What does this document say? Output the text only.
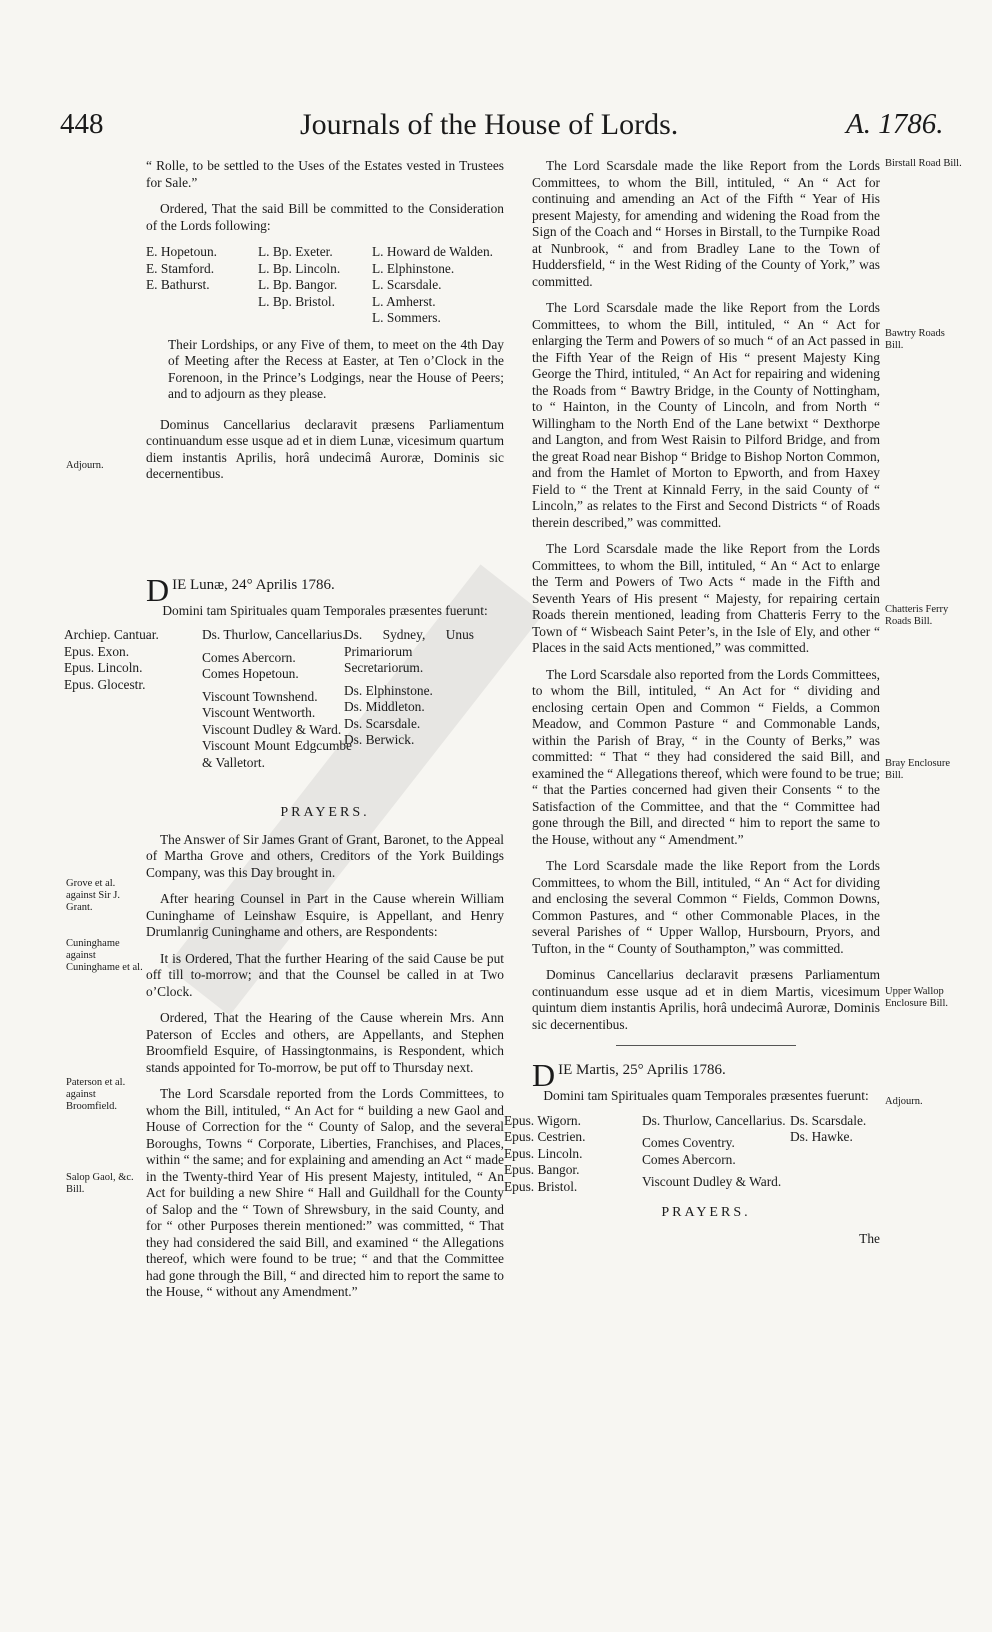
448	Journals of the House of Lords.	A. 1786.

“ Rolle, to be settled to the Uses of the Estates vested in Trustees for Sale.”

Ordered, That the said Bill be committed to the Consideration of the Lords following:

E. Hopetoun.
E. Stamford.
E. Bathurst.
L. Bp. Exeter.
L. Bp. Lincoln.
L. Bp. Bangor.
L. Bp. Bristol.
L. Howard de Walden.
L. Elphinstone.
L. Scarsdale.
L. Amherst.
L. Sommers.

Their Lordships, or any Five of them, to meet on the 4th Day of Meeting after the Recess at Easter, at Ten o’Clock in the Forenoon, in the Prince’s Lodgings, near the House of Peers; and to adjourn as they please.

Dominus Cancellarius declaravit præsens Parliamentum continuandum esse usque ad et in diem Lunæ, vicesimum quartum diem instantis Aprilis, horâ undecimâ Auroræ, Dominis sic decernentibus.

D IE Lunæ, 24° Aprilis 1786.
Domini tam Spirituales quam Temporales præsentes fuerunt:
Archiep. Cantuar.
Epus. Exon.
Epus. Lincoln.
Epus. Glocestr.
Ds. Thurlow, Cancellarius.
Comes Abercorn.
Comes Hopetoun.
Viscount Townshend.
Viscount Wentworth.
Viscount Dudley & Ward.
Viscount Mount Edgcumbe & Valletort.
Ds. Sydney, Unus Primariorum Secretariorum.
Ds. Elphinstone.
Ds. Middleton.
Ds. Scarsdale.
Ds. Berwick.
PRAYERS.

The Answer of Sir James Grant of Grant, Baronet, to the Appeal of Martha Grove and others, Creditors of the York Buildings Company, was this Day brought in.

After hearing Counsel in Part in the Cause wherein William Cuninghame of Leinshaw Esquire, is Appellant, and Henry Drumlanrig Cuninghame and others, are Respondents:

It is Ordered, That the further Hearing of the said Cause be put off till to-morrow; and that the Counsel be called in at Two o’Clock.

Ordered, That the Hearing of the Cause wherein Mrs. Ann Paterson of Eccles and others, are Appellants, and Stephen Broomfield Esquire, of Hassingtonmains, is Respondent, which stands appointed for To-morrow, be put off to Thursday next.

The Lord Scarsdale reported from the Lords Committees, to whom the Bill, intituled, “ An Act for “ building a new Gaol and House of Correction for the “ County of Salop, and the several Boroughs, Towns “ Corporate, Liberties, Franchises, and Places, within “ the same; and for explaining and amending an Act “ made in the Twenty-third Year of His present Majesty, intituled, “ An Act for building a new Shire “ Hall and Guildhall for the County of Salop and the “ Town of Shrewsbury, in the said County, and for “ other Purposes therein mentioned:” was committed, “ That they had considered the said Bill, and examined “ the Allegations thereof, which were found to be true; “ and that the Committee had gone through the Bill, “ and directed him to report the same to the House, “ without any Amendment.”

Adjourn.
Grove et al. against Sir J. Grant.
Cuninghame against Cuninghame et al.
Paterson et al. against Broomfield.
Salop Gaol, &c. Bill.

The Lord Scarsdale made the like Report from the Lords Committees, to whom the Bill, intituled, “ An “ Act for continuing and amending an Act of the Fifth “ Year of His present Majesty, for amending and widening the Road from the Sign of the Coach and “ Horses in Birstall, to the Turnpike Road at Nunbrook, “ and from Bradley Lane to the Town of Huddersfield, “ in the West Riding of the County of York,” was committed.

The Lord Scarsdale made the like Report from the Lords Committees, to whom the Bill, intituled, “ An “ Act for enlarging the Term and Powers of so much “ of an Act passed in the Fifth Year of the Reign of His “ present Majesty King George the Third, intituled, “ An Act for repairing and widening the Roads from “ Bawtry Bridge, in the County of Nottingham, to “ Hainton, in the County of Lincoln, and from North “ Willingham to the North End of the Lane betwixt “ Dexthorpe and Langton, and from West Raisin to Pilford Bridge, and from the great Road near Bishop “ Bridge to Bishop Norton Common, and from the Hamlet of Morton to Epworth, and from Haxey Field to “ the Trent at Kinnald Ferry, in the said County of “ Lincoln,” as relates to the First and Second Districts “ of Roads therein described,” was committed.

The Lord Scarsdale made the like Report from the Lords Committees, to whom the Bill, intituled, “ An “ Act to enlarge the Term and Powers of Two Acts “ made in the Fifth and Seventh Years of His present “ Majesty, for repairing certain Roads therein mentioned, leading from Chatteris Ferry to the Town of “ Wisbeach Saint Peter’s, in the Isle of Ely, and other “ Places in the said Acts mentioned,” was committed.

The Lord Scarsdale also reported from the Lords Committees, to whom the Bill, intituled, “ An Act for “ dividing and enclosing certain Open and Common “ Fields, a Common Meadow, and Common Pasture “ and Commonable Lands, within the Parish of Bray, “ in the County of Berks,” was committed: “ That “ they had considered the said Bill, and examined the “ Allegations thereof, which were found to be true; “ that the Parties concerned had given their Consents “ to the Satisfaction of the Committee, and that the “ Committee had gone through the Bill, and directed “ him to report the same to the House, without any “ Amendment.”

The Lord Scarsdale made the like Report from the Lords Committees, to whom the Bill, intituled, “ An “ Act for dividing and enclosing the several Common “ Fields, Common Downs, Common Pastures, and “ other Commonable Places, in the several Parishes of “ Upper Wallop, Hursbourn, Pryors, and Tufton, in the “ County of Southampton,” was committed.

Dominus Cancellarius declaravit præsens Parliamentum continuandum esse usque ad et in diem Martis, vicesimum quintum diem instantis Aprilis, horâ undecimâ Auroræ, Dominis sic decernentibus.

D IE Martis, 25° Aprilis 1786.
Domini tam Spirituales quam Temporales præsentes fuerunt:
Epus. Wigorn.
Epus. Cestrien.
Epus. Lincoln.
Epus. Bangor.
Epus. Bristol.
Ds. Thurlow, Cancellarius.
Comes Coventry.
Comes Abercorn.
Viscount Dudley & Ward.
Ds. Scarsdale.
Ds. Hawke.
PRAYERS.
The
Birstall Road Bill.
Bawtry Roads Bill.
Chatteris Ferry Roads Bill.
Bray Enclosure Bill.
Upper Wallop Enclosure Bill.
Adjourn.
